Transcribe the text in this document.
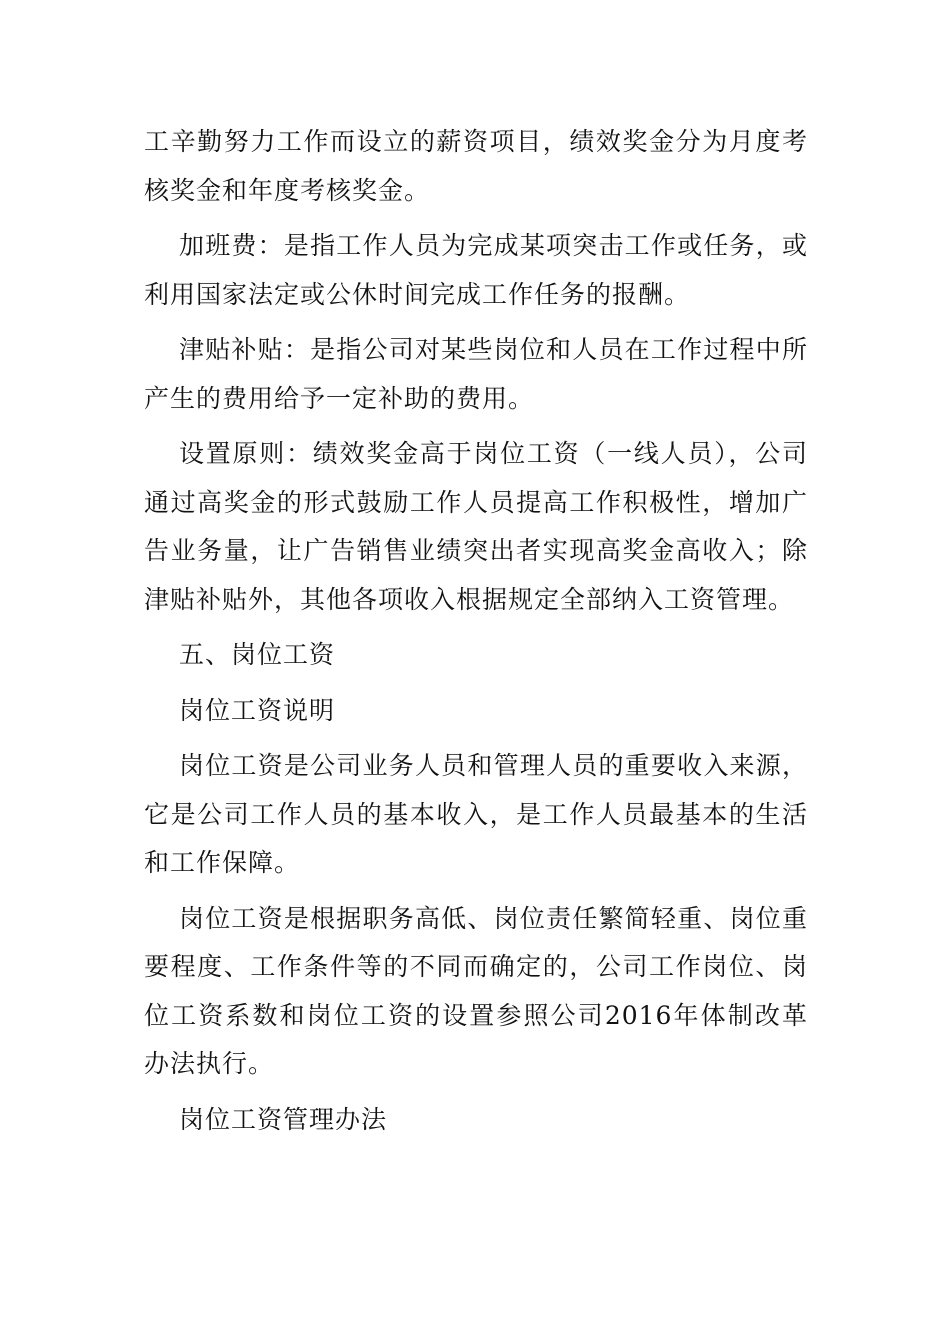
工辛勤努力工作而设立的薪资项目，绩效奖金分为月度考核奖金和年度考核奖金。

加班费：是指工作人员为完成某项突击工作或任务，或利用国家法定或公休时间完成工作任务的报酬。

津贴补贴：是指公司对某些岗位和人员在工作过程中所产生的费用给予一定补助的费用。

设置原则：绩效奖金高于岗位工资（一线人员），公司通过高奖金的形式鼓励工作人员提高工作积极性，增加广告业务量，让广告销售业绩突出者实现高奖金高收入；除津贴补贴外，其他各项收入根据规定全部纳入工资管理。

五、岗位工资

岗位工资说明

岗位工资是公司业务人员和管理人员的重要收入来源，它是公司工作人员的基本收入，是工作人员最基本的生活和工作保障。

岗位工资是根据职务高低、岗位责任繁简轻重、岗位重要程度、工作条件等的不同而确定的，公司工作岗位、岗位工资系数和岗位工资的设置参照公司2016年体制改革办法执行。

岗位工资管理办法
